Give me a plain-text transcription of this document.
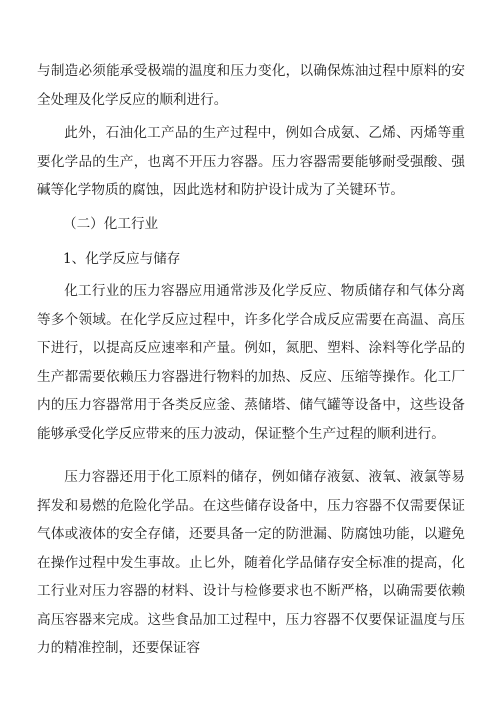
与制造必须能承受极端的温度和压力变化，以确保炼油过程中原料的安全处理及化学反应的顺利进行。

此外，石油化工产品的生产过程中，例如合成氨、乙烯、丙烯等重要化学品的生产，也离不开压力容器。压力容器需要能够耐受强酸、强碱等化学物质的腐蚀，因此选材和防护设计成为了关键环节。

（二）化工行业

1、化学反应与储存

化工行业的压力容器应用通常涉及化学反应、物质储存和气体分离等多个领域。在化学反应过程中，许多化学合成反应需要在高温、高压下进行，以提高反应速率和产量。例如，氮肥、塑料、涂料等化学品的生产都需要依赖压力容器进行物料的加热、反应、压缩等操作。化工厂内的压力容器常用于各类反应釜、蒸储塔、储气罐等设备中，这些设备能够承受化学反应带来的压力波动，保证整个生产过程的顺利进行。

压力容器还用于化工原料的储存，例如储存液氨、液氧、液氯等易挥发和易燃的危险化学品。在这些储存设备中，压力容器不仅需要保证气体或液体的安全存储，还要具备一定的防泄漏、防腐蚀功能，以避免在操作过程中发生事故。止匕外，随着化学品储存安全标准的提高，化工行业对压力容器的材料、设计与检修要求也不断严格，以确需要依赖高压容器来完成。这些食品加工过程中，压力容器不仅要保证温度与压力的精准控制，还要保证容
